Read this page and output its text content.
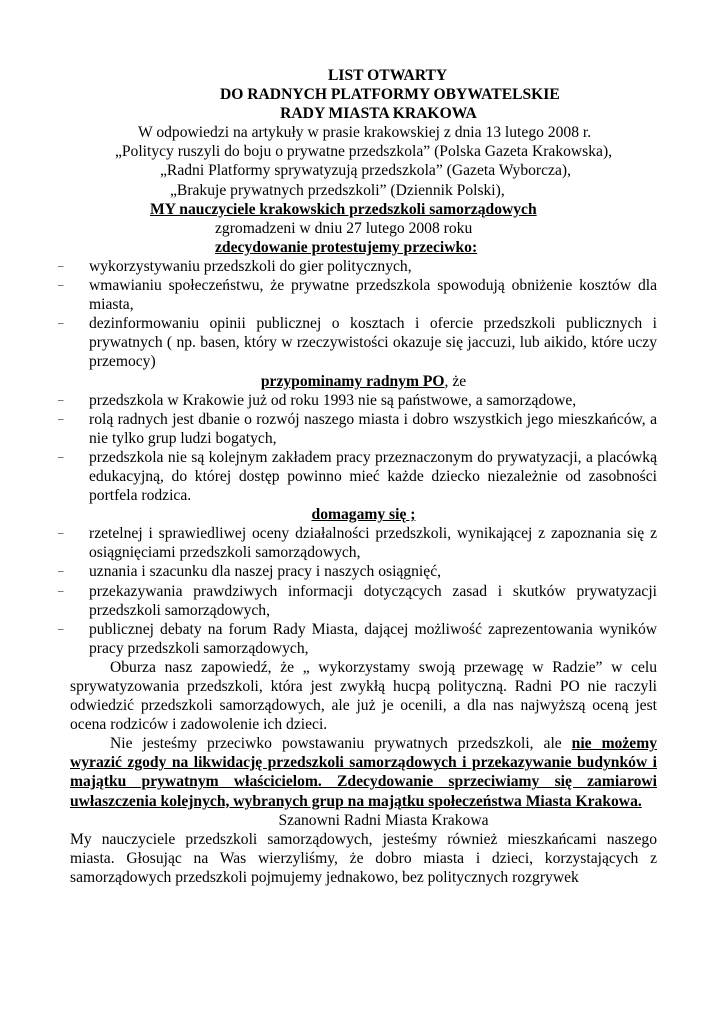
LIST OTWARTY
DO RADNYCH PLATFORMY OBYWATELSKIE
RADY MIASTA KRAKOWA
W odpowiedzi na artykuły w prasie krakowskiej z dnia 13 lutego 2008 r.
„Politycy ruszyli do boju o prywatne przedszkola” (Polska Gazeta Krakowska),
„Radni Platformy sprywatyzują przedszkola” (Gazeta Wyborcza),
„Brakuje prywatnych przedszkoli” (Dziennik Polski),
MY nauczyciele krakowskich przedszkoli samorządowych
zgromadzeni w dniu 27 lutego 2008 roku
zdecydowanie protestujemy przeciwko:
– wykorzystywaniu przedszkoli do gier politycznych,
– wmawianiu społeczeństwu, że prywatne przedszkola spowodują obniżenie kosztów dla miasta,
– dezinformowaniu opinii publicznej o kosztach i ofercie przedszkoli publicznych i prywatnych ( np. basen, który w rzeczywistości okazuje się jaccuzi, lub aikido, które uczy przemocy)
przypominamy radnym PO, że
– przedszkola w Krakowie już od roku 1993 nie są państwowe, a samorządowe,
– rolą radnych jest dbanie o rozwój naszego miasta i dobro wszystkich jego mieszkańców, a nie tylko grup ludzi bogatych,
– przedszkola nie są kolejnym zakładem pracy przeznaczonym do prywatyzacji, a placówką edukacyjną, do której dostęp powinno mieć każde dziecko niezależnie od zasobności portfela rodzica.
domagamy się ;
– rzetelnej i sprawiedliwej oceny działalności przedszkoli, wynikającej z zapoznania się z osiągnięciami przedszkoli samorządowych,
– uznania i szacunku dla naszej pracy i naszych osiągnięć,
– przekazywania prawdziwych informacji dotyczących zasad i skutków prywatyzacji przedszkoli samorządowych,
– publicznej debaty na forum Rady Miasta, dającej możliwość zaprezentowania wyników pracy przedszkoli samorządowych,
Oburza nasz zapowiedź, że „ wykorzystamy swoją przewagę w Radzie” w celu sprywatyzowania przedszkoli, która jest zwykłą hucpą polityczną. Radni PO nie raczyli odwiedzić przedszkoli samorządowych, ale już je ocenili, a dla nas najwyższą oceną jest ocena rodziców i zadowolenie ich dzieci.
Nie jesteśmy przeciwko powstawaniu prywatnych przedszkoli, ale nie możemy wyrazić zgody na likwidację przedszkoli samorządowych i przekazywanie budynków i majątku prywatnym właścicielom. Zdecydowanie sprzeciwiamy się zamiarowi uwłaszczenia kolejnych, wybranych grup na majątku społeczeństwa Miasta Krakowa.
Szanowni Radni Miasta Krakowa
My nauczyciele przedszkoli samorządowych, jesteśmy również mieszkańcami naszego miasta. Głosując na Was wierzyliśmy, że dobro miasta i dzieci, korzystających z samorządowych przedszkoli pojmujemy jednakowo, bez politycznych rozgrywek
